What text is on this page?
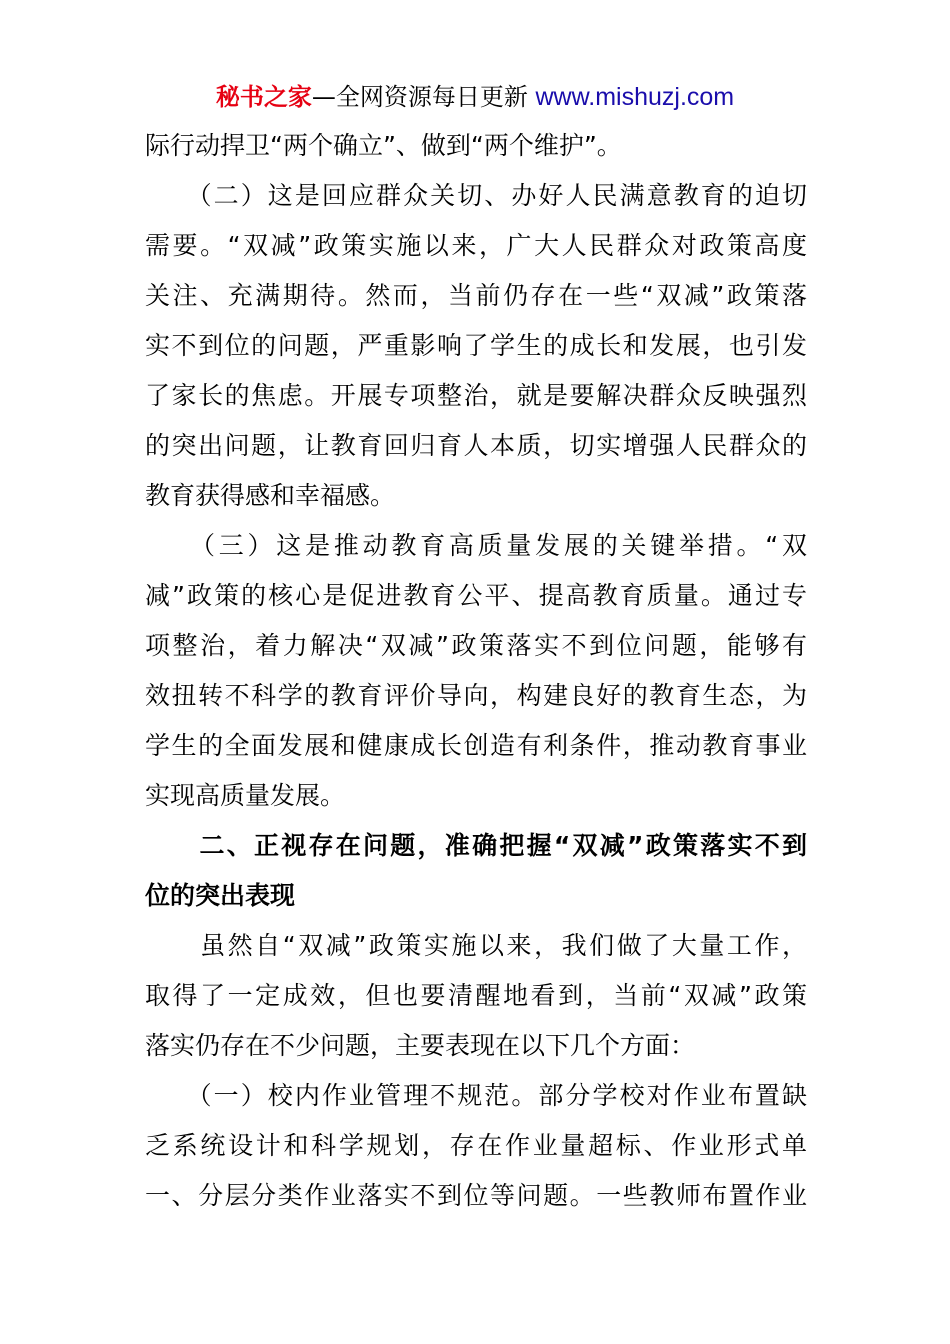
秘书之家—全网资源每日更新 www.mishuzj.com
际行动捍卫“两个确立”、做到“两个维护”。
　　（二）这是回应群众关切、办好人民满意教育的迫切
需要。“双减”政策实施以来，广大人民群众对政策高度
关注、充满期待。然而，当前仍存在一些“双减”政策落
实不到位的问题，严重影响了学生的成长和发展，也引发
了家长的焦虑。开展专项整治，就是要解决群众反映强烈
的突出问题，让教育回归育人本质，切实增强人民群众的
教育获得感和幸福感。
　　（三）这是推动教育高质量发展的关键举措。“双
减”政策的核心是促进教育公平、提高教育质量。通过专
项整治，着力解决“双减”政策落实不到位问题，能够有
效扭转不科学的教育评价导向，构建良好的教育生态，为
学生的全面发展和健康成长创造有利条件，推动教育事业
实现高质量发展。
　　二、正视存在问题，准确把握“双减”政策落实不到
位的突出表现
　　虽然自“双减”政策实施以来，我们做了大量工作，
取得了一定成效，但也要清醒地看到，当前“双减”政策
落实仍存在不少问题，主要表现在以下几个方面：
　　（一）校内作业管理不规范。部分学校对作业布置缺
乏系统设计和科学规划，存在作业量超标、作业形式单
一、分层分类作业落实不到位等问题。一些教师布置作业
